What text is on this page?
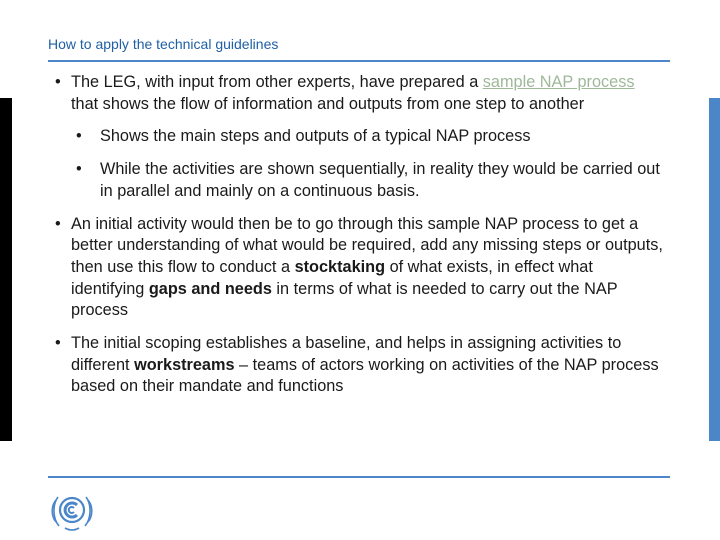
How to apply the technical guidelines

• The LEG, with input from other experts, have prepared a sample NAP process that shows the flow of information and outputs from one step to another

• Shows the main steps and outputs of a typical NAP process

• While the activities are shown sequentially, in reality they would be carried out in parallel and mainly on a continuous basis.

• An initial activity would then be to go through this sample NAP process to get a better understanding of what would be required, add any missing steps or outputs, then use this flow to conduct a stocktaking of what exists, in effect what identifying gaps and needs in terms of what is needed to carry out the NAP process

• The initial scoping establishes a baseline, and helps in assigning activities to different workstreams – teams of actors working on activities of the NAP process based on their mandate and functions
